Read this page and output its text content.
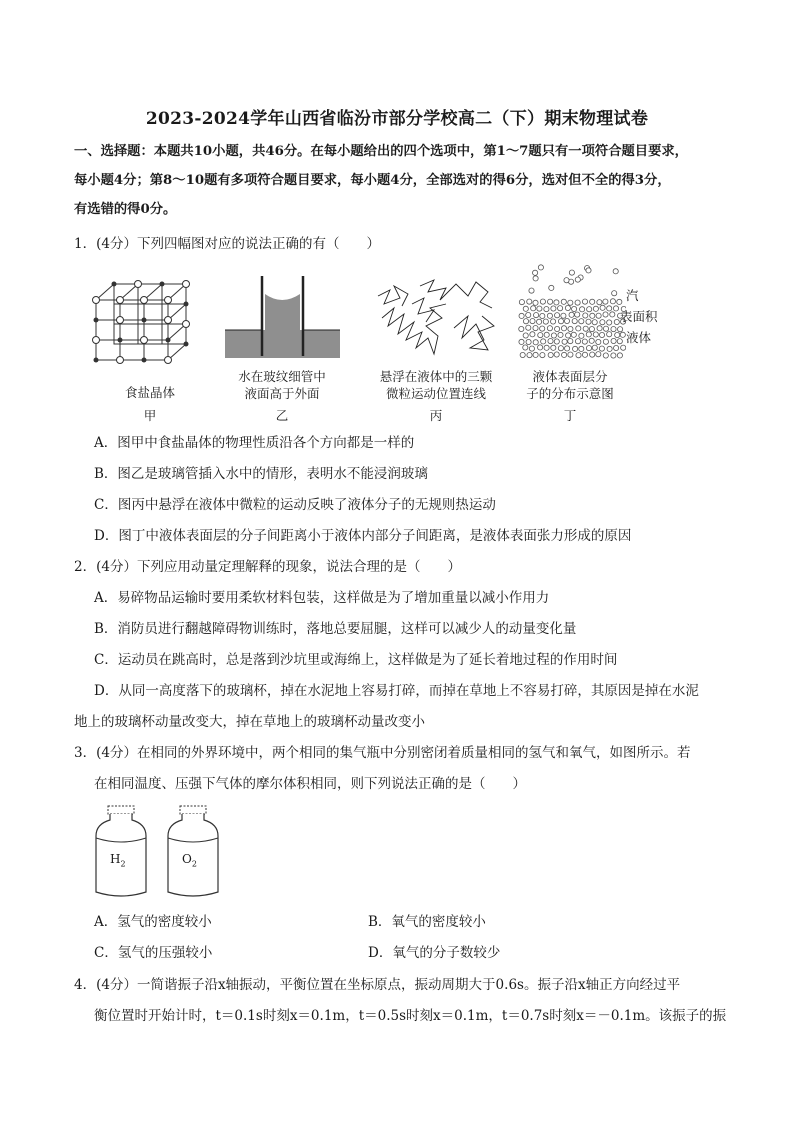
2023-2024学年山西省临汾市部分学校高二（下）期末物理试卷
一、选择题：本题共10小题，共46分。在每小题给出的四个选项中，第1～7题只有一项符合题目要求，
每小题4分；第8～10题有多项符合题目要求，每小题4分，全部选对的得6分，选对但不全的得3分，
有选错的得0分。
1．(4分）下列四幅图对应的说法正确的有（　　）
食盐晶体
甲
水在玻纹细管中
液面高于外面
乙
悬浮在液体中的三颗
微粒运动位置连线
丙
汽
表面积
液体
液体表面层分
子的分布示意图
丁
A．图甲中食盐晶体的物理性质沿各个方向都是一样的
B．图乙是玻璃管插入水中的情形，表明水不能浸润玻璃
C．图丙中悬浮在液体中微粒的运动反映了液体分子的无规则热运动
D．图丁中液体表面层的分子间距离小于液体内部分子间距离，是液体表面张力形成的原因
2．(4分）下列应用动量定理解释的现象，说法合理的是（　　）
A．易碎物品运输时要用柔软材料包装，这样做是为了增加重量以减小作用力
B．消防员进行翻越障碍物训练时，落地总要屈腿，这样可以减少人的动量变化量
C．运动员在跳高时，总是落到沙坑里或海绵上，这样做是为了延长着地过程的作用时间
D．从同一高度落下的玻璃杯，掉在水泥地上容易打碎，而掉在草地上不容易打碎，其原因是掉在水泥
地上的玻璃杯动量改变大，掉在草地上的玻璃杯动量改变小
3．(4分）在相同的外界环境中，两个相同的集气瓶中分别密闭着质量相同的氢气和氧气，如图所示。若
在相同温度、压强下气体的摩尔体积相同，则下列说法正确的是（　　）
$H_2$	$O_2$
A．氢气的密度较小	B．氧气的密度较小
C．氢气的压强较小	D．氧气的分子数较少
4．(4分）一简谐振子沿x轴振动，平衡位置在坐标原点，振动周期大于0.6s。振子沿x轴正方向经过平
衡位置时开始计时，t＝0.1s时刻x＝0.1m，t＝0.5s时刻x＝0.1m，t＝0.7s时刻x＝－0.1m。该振子的振
